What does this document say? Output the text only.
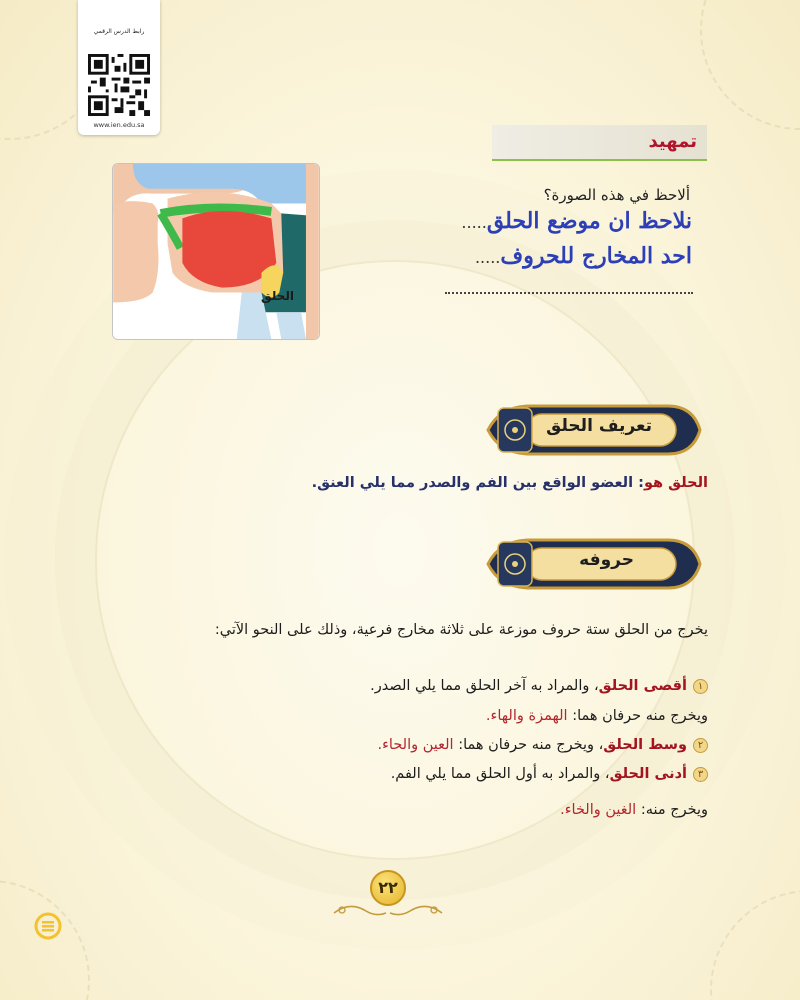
رابط الدرس الرقمي
www.ien.edu.sa
تمهيد
الحلق
ألاحظ في هذه الصورة؟
نلاحظ ان موضع الحلق.....
احد المخارج للحروف.....
تعريف الحلق
الحلق هو: العضو الواقع بين الفم والصدر مما يلي العنق.
حروفه
يخرج من الحلق ستة حروف موزعة على ثلاثة مخارج فرعية، وذلك على النحو الآتي:
١أقصى الحلق، والمراد به آخر الحلق مما يلي الصدر.
ويخرج منه حرفان هما: الهمزة والهاء.
٢وسط الحلق، ويخرج منه حرفان هما: العين والحاء.
٣أدنى الحلق، والمراد به أول الحلق مما يلي الفم.
ويخرج منه: الغين والخاء.
٢٢
